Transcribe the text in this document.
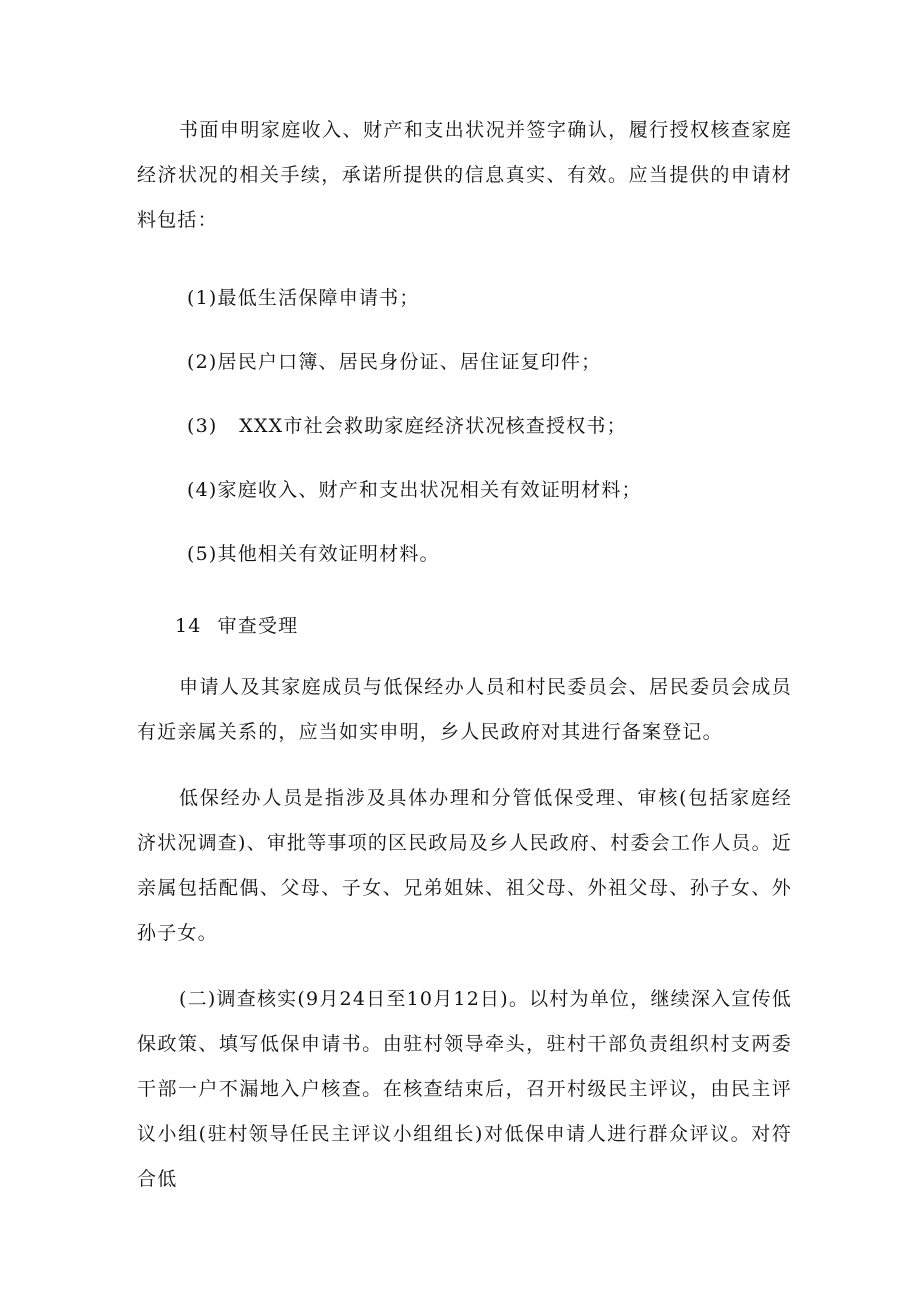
书面申明家庭收入、财产和支出状况并签字确认，履行授权核查家庭经济状况的相关手续，承诺所提供的信息真实、有效。应当提供的申请材料包括：

(1)最低生活保障申请书；

(2)居民户口簿、居民身份证、居住证复印件；

(3)   XXX市社会救助家庭经济状况核查授权书；

(4)家庭收入、财产和支出状况相关有效证明材料；

(5)其他相关有效证明材料。

14 审查受理

申请人及其家庭成员与低保经办人员和村民委员会、居民委员会成员有近亲属关系的，应当如实申明，乡人民政府对其进行备案登记。

低保经办人员是指涉及具体办理和分管低保受理、审核(包括家庭经济状况调查)、审批等事项的区民政局及乡人民政府、村委会工作人员。近亲属包括配偶、父母、子女、兄弟姐妹、祖父母、外祖父母、孙子女、外孙子女。

(二)调查核实(9月24日至10月12日)。以村为单位，继续深入宣传低保政策、填写低保申请书。由驻村领导牵头，驻村干部负责组织村支两委干部一户不漏地入户核查。在核查结束后，召开村级民主评议，由民主评议小组(驻村领导任民主评议小组组长)对低保申请人进行群众评议。对符合低
